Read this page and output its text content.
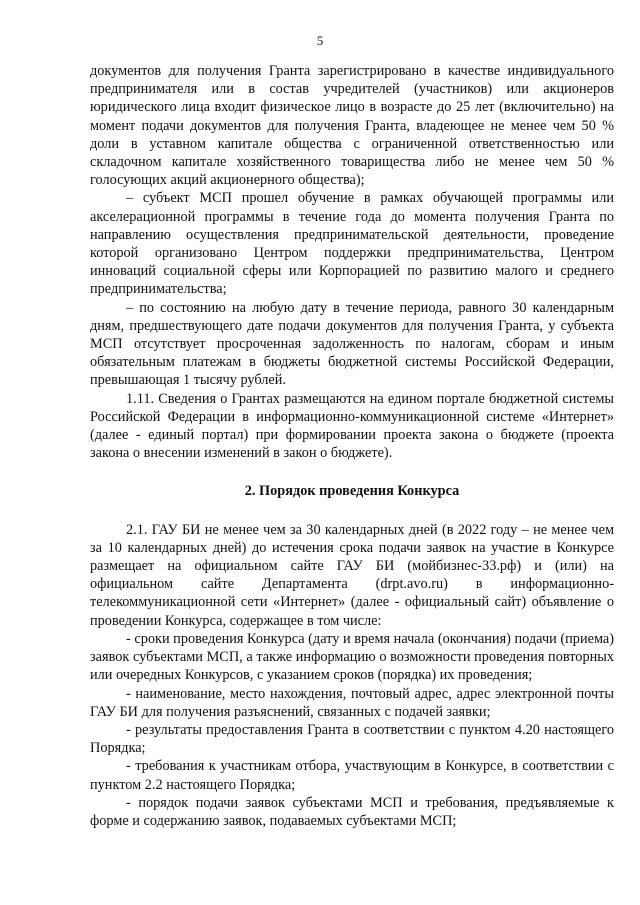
5

документов для получения Гранта зарегистрировано в качестве индивидуального предпринимателя или в состав учредителей (участников) или акционеров юридического лица входит физическое лицо в возрасте до 25 лет (включительно) на момент подачи документов для получения Гранта, владеющее не менее чем 50 % доли в уставном капитале общества с ограниченной ответственностью или складочном капитале хозяйственного товарищества либо не менее чем 50 % голосующих акций акционерного общества);

– субъект МСП прошел обучение в рамках обучающей программы или акселерационной программы в течение года до момента получения Гранта по направлению осуществления предпринимательской деятельности, проведение которой организовано Центром поддержки предпринимательства, Центром инноваций социальной сферы или Корпорацией по развитию малого и среднего предпринимательства;

– по состоянию на любую дату в течение периода, равного 30 календарным дням, предшествующего дате подачи документов для получения Гранта, у субъекта МСП отсутствует просроченная задолженность по налогам, сборам и иным обязательным платежам в бюджеты бюджетной системы Российской Федерации, превышающая 1 тысячу рублей.

1.11. Сведения о Грантах размещаются на едином портале бюджетной системы Российской Федерации в информационно-коммуникационной системе «Интернет» (далее - единый портал) при формировании проекта закона о бюджете (проекта закона о внесении изменений в закон о бюджете).

2. Порядок проведения Конкурса

2.1. ГАУ БИ не менее чем за 30 календарных дней (в 2022 году – не менее чем за 10 календарных дней) до истечения срока подачи заявок на участие в Конкурсе размещает на официальном сайте ГАУ БИ (мойбизнес-33.рф) и (или) на официальном сайте Департамента (drpt.avo.ru) в информационно-телекоммуникационной сети «Интернет» (далее - официальный сайт) объявление о проведении Конкурса, содержащее в том числе:

- сроки проведения Конкурса (дату и время начала (окончания) подачи (приема) заявок субъектами МСП, а также информацию о возможности проведения повторных или очередных Конкурсов, с указанием сроков (порядка) их проведения;

- наименование, место нахождения, почтовый адрес, адрес электронной почты ГАУ БИ для получения разъяснений, связанных с подачей заявки;

- результаты предоставления Гранта в соответствии с пунктом 4.20 настоящего Порядка;

- требования к участникам отбора, участвующим в Конкурсе, в соответствии с пунктом 2.2 настоящего Порядка;

- порядок подачи заявок субъектами МСП и требования, предъявляемые к форме и содержанию заявок, подаваемых субъектами МСП;
